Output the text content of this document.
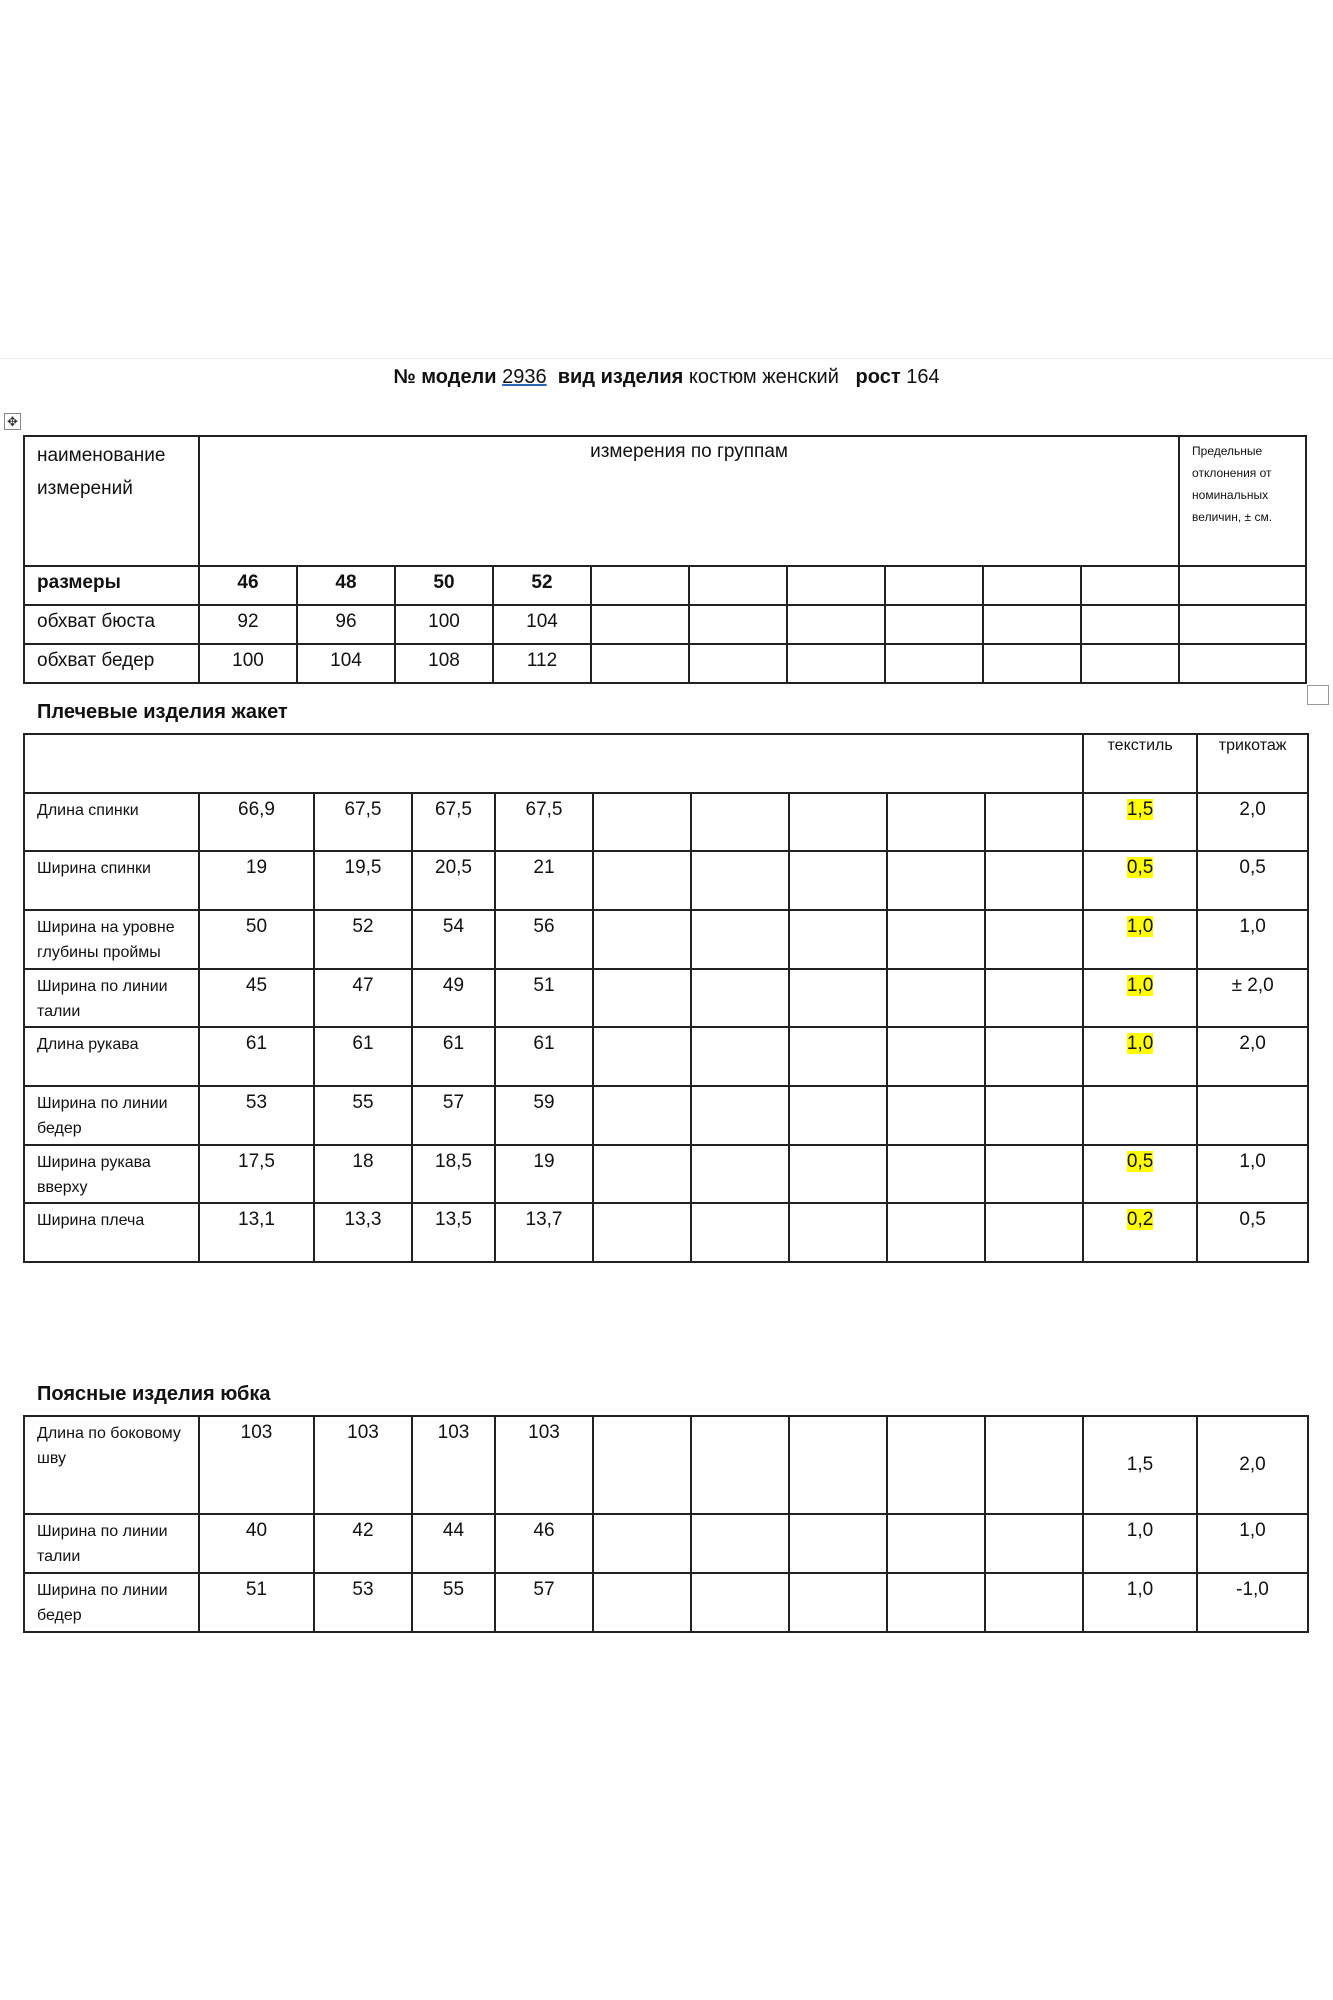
№ модели 2936 вид изделия костюм женский рост 164
✥
наименование измерений	измерения по группам										Предельные отклонения от номинальных величин, ± см.
размеры	46	48	50	52							
обхват бюста	92	96	100	104							
обхват бедер	100	104	108	112							
Плечевые изделия жакет
										текстиль	трикотаж
Длина спинки	66,9	67,5	67,5	67,5						1,5	2,0
Ширина спинки	19	19,5	20,5	21						0,5	0,5
Ширина на уровне глубины проймы	50	52	54	56						1,0	1,0
Ширина по линии талии	45	47	49	51						1,0	± 2,0
Длина рукава	61	61	61	61						1,0	2,0
Ширина по линии бедер	53	55	57	59							
Ширина рукава вверху	17,5	18	18,5	19						0,5	1,0
Ширина плеча	13,1	13,3	13,5	13,7						0,2	0,5
Поясные изделия юбка
Длина по боковому шву	103	103	103	103						1,5	2,0
Ширина по линии талии	40	42	44	46						1,0	1,0
Ширина по линии бедер	51	53	55	57						1,0	-1,0
